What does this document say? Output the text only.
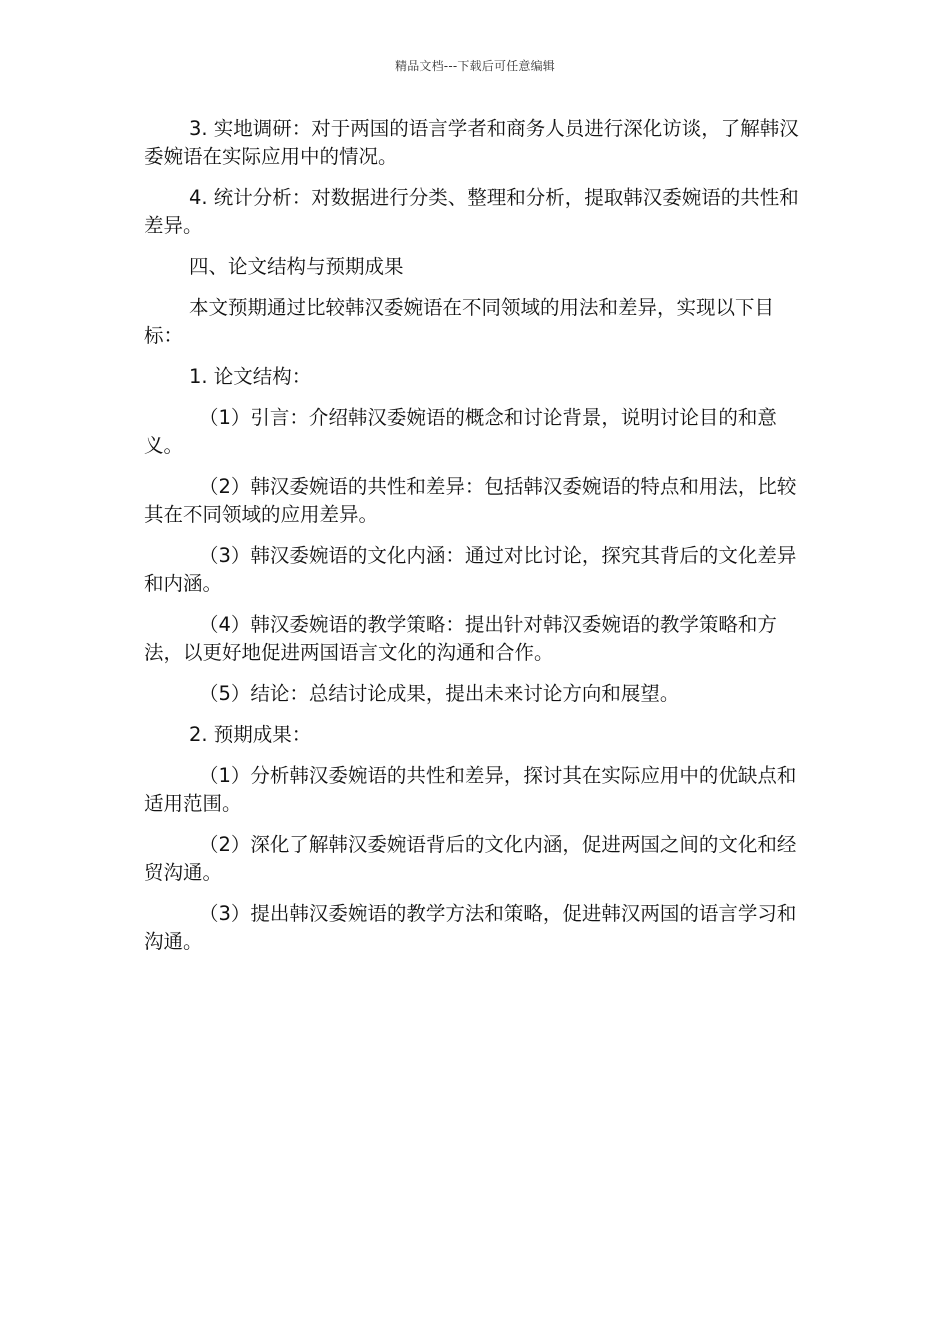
精品文档---下载后可任意编辑

3. 实地调研：对于两国的语言学者和商务人员进行深化访谈，了解韩汉委婉语在实际应用中的情况。

4. 统计分析：对数据进行分类、整理和分析，提取韩汉委婉语的共性和差异。

四、论文结构与预期成果

本文预期通过比较韩汉委婉语在不同领域的用法和差异，实现以下目标：

1. 论文结构：

（1）引言：介绍韩汉委婉语的概念和讨论背景，说明讨论目的和意义。

（2）韩汉委婉语的共性和差异：包括韩汉委婉语的特点和用法，比较其在不同领域的应用差异。

（3）韩汉委婉语的文化内涵：通过对比讨论，探究其背后的文化差异和内涵。

（4）韩汉委婉语的教学策略：提出针对韩汉委婉语的教学策略和方法，以更好地促进两国语言文化的沟通和合作。

（5）结论：总结讨论成果，提出未来讨论方向和展望。

2. 预期成果：

（1）分析韩汉委婉语的共性和差异，探讨其在实际应用中的优缺点和适用范围。

（2）深化了解韩汉委婉语背后的文化内涵，促进两国之间的文化和经贸沟通。

（3）提出韩汉委婉语的教学方法和策略，促进韩汉两国的语言学习和沟通。
